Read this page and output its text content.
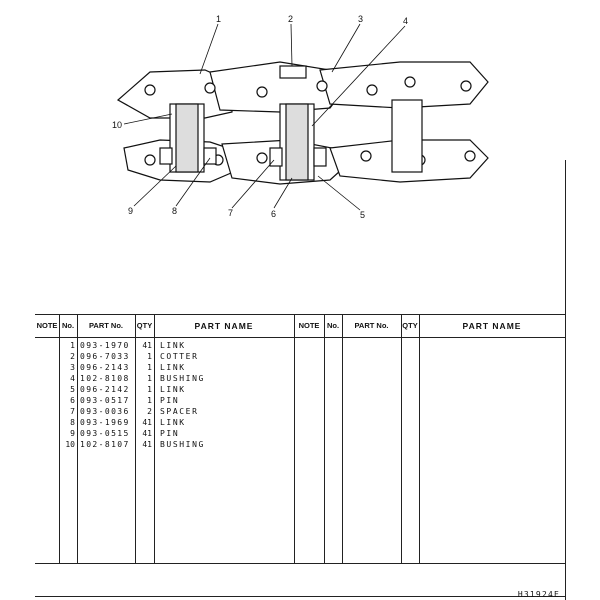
1	2	3	4
5
6
7
8
9
10
NOTE No.	PART No.	QTY	PART NAME	NOTE	No.	PART No.	QTY	PART NAME
1 093-1970	41 LINK
2 096-7033	1 COTTER
3 096-2143	1 LINK
4 102-8108	1 BUSHING
5 096-2142	1 LINK
6 093-0517	1 PIN
7 093-0036	2 SPACER
8 093-1969	41 LINK
9 093-0515	41 PIN
10 102-8107	41 BUSHING
H31924E
